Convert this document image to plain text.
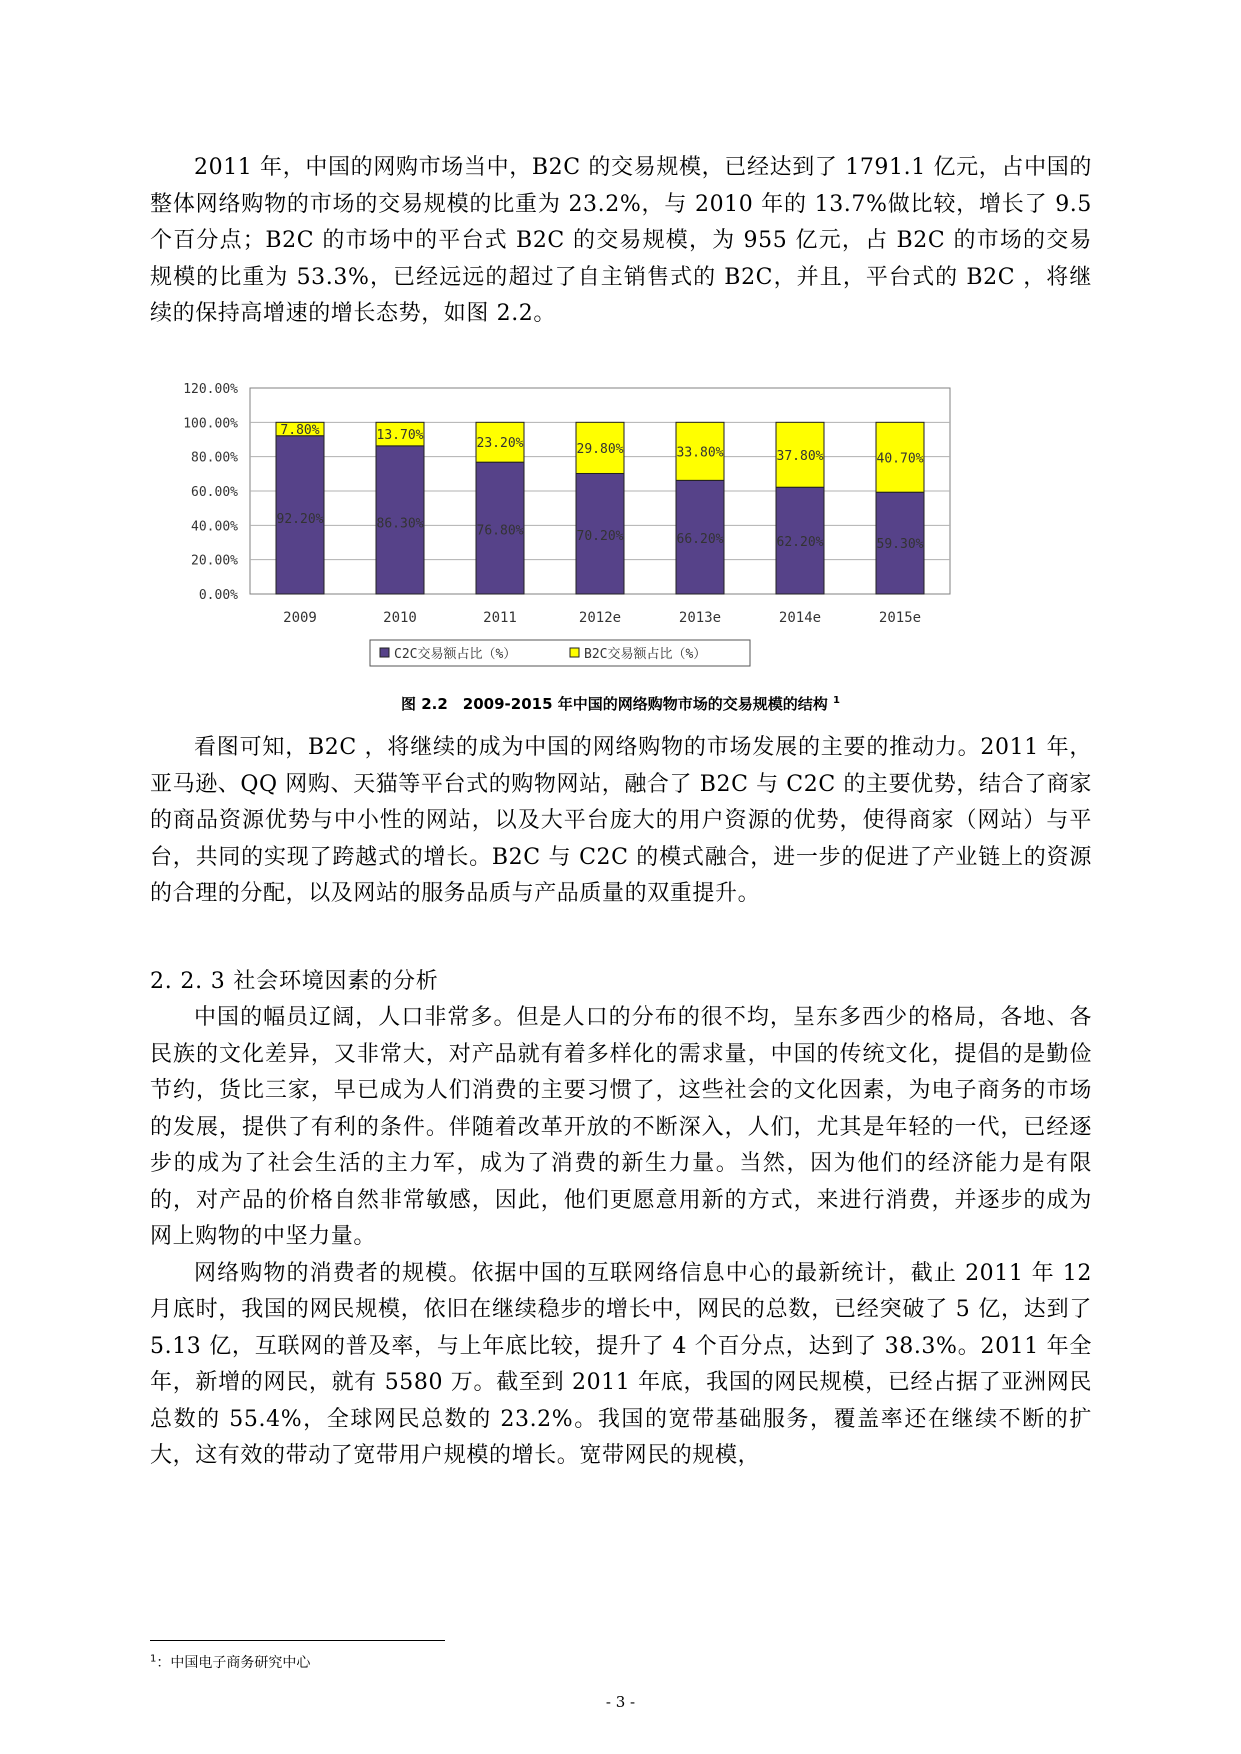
2011 年，中国的网购市场当中，B2C 的交易规模，已经达到了 1791.1 亿元，占中国的整体网络购物的市场的交易规模的比重为 23.2%，与 2010 年的 13.7%做比较，增长了 9.5 个百分点；B2C 的市场中的平台式 B2C 的交易规模，为 955 亿元，占 B2C 的市场的交易规模的比重为 53.3%，已经远远的超过了自主销售式的 B2C，并且，平台式的 B2C ，将继续的保持高增速的增长态势，如图 2.2。

0.00%
20.00%
40.00%
60.00%
80.00%
100.00%
120.00%
92.20%
7.80%
2009
86.30%
13.70%
2010
76.80%
23.20%
2011
70.20%
29.80%
2012e
66.20%
33.80%
2013e
62.20%
37.80%
2014e
59.30%
40.70%
2015e
C2C交易额占比（%）	B2C交易额占比（%）
图 2.2　2009-2015 年中国的网络购物市场的交易规模的结构 $^1$

看图可知，B2C ，将继续的成为中国的网络购物的市场发展的主要的推动力。2011 年， 亚马逊、QQ 网购、天猫等平台式的购物网站，融合了 B2C 与 C2C 的主要优势，结合了商家的商品资源优势与中小性的网站，以及大平台庞大的用户资源的优势，使得商家（网站）与平台，共同的实现了跨越式的增长。B2C 与 C2C 的模式融合，进一步的促进了产业链上的资源的合理的分配，以及网站的服务品质与产品质量的双重提升。

2. 2. 3 社会环境因素的分析

中国的幅员辽阔，人口非常多。但是人口的分布的很不均，呈东多西少的格局，各地、各民族的文化差异，又非常大，对产品就有着多样化的需求量，中国的传统文化，提倡的是勤俭节约，货比三家，早已成为人们消费的主要习惯了，这些社会的文化因素，为电子商务的市场的发展，提供了有利的条件。伴随着改革开放的不断深入，人们，尤其是年轻的一代，已经逐步的成为了社会生活的主力军，成为了消费的新生力量。当然，因为他们的经济能力是有限的，对产品的价格自然非常敏感，因此，他们更愿意用新的方式，来进行消费，并逐步的成为网上购物的中坚力量。

网络购物的消费者的规模。依据中国的互联网络信息中心的最新统计，截止 2011 年 12 月底时，我国的网民规模，依旧在继续稳步的增长中，网民的总数，已经突破了 5 亿，达到了 5.13 亿，互联网的普及率，与上年底比较，提升了 4 个百分点，达到了 38.3%。2011 年全年，新增的网民，就有 5580 万。截至到 2011 年底，我国的网民规模，已经占据了亚洲网民总数的 55.4%，全球网民总数的 23.2%。我国的宽带基础服务，覆盖率还在继续不断的扩大，这有效的带动了宽带用户规模的增长。宽带网民的规模，

$^1$：中国电子商务研究中心
- 3 -
